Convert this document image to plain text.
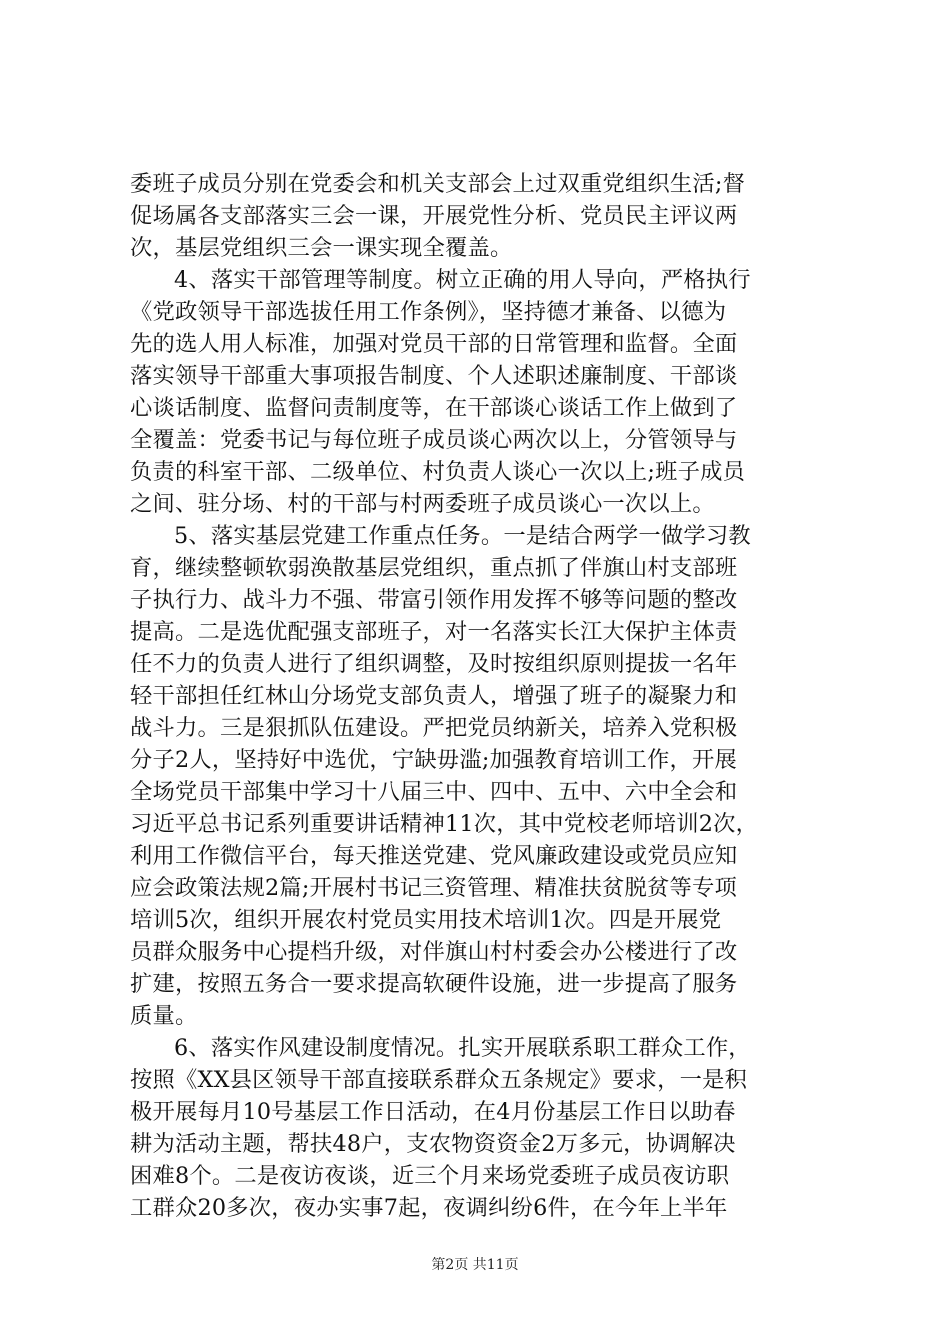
委班子成员分别在党委会和机关支部会上过双重党组织生活;督
促场属各支部落实三会一课，开展党性分析、党员民主评议两
次，基层党组织三会一课实现全覆盖。
4、落实干部管理等制度。树立正确的用人导向，严格执行
《党政领导干部选拔任用工作条例》，坚持德才兼备、以德为
先的选人用人标准，加强对党员干部的日常管理和监督。全面
落实领导干部重大事项报告制度、个人述职述廉制度、干部谈
心谈话制度、监督问责制度等，在干部谈心谈话工作上做到了
全覆盖：党委书记与每位班子成员谈心两次以上，分管领导与
负责的科室干部、二级单位、村负责人谈心一次以上;班子成员
之间、驻分场、村的干部与村两委班子成员谈心一次以上。
5、落实基层党建工作重点任务。一是结合两学一做学习教
育，继续整顿软弱涣散基层党组织，重点抓了伴旗山村支部班
子执行力、战斗力不强、带富引领作用发挥不够等问题的整改
提高。二是选优配强支部班子，对一名落实长江大保护主体责
任不力的负责人进行了组织调整，及时按组织原则提拔一名年
轻干部担任红林山分场党支部负责人，增强了班子的凝聚力和
战斗力。三是狠抓队伍建设。严把党员纳新关，培养入党积极
分子2人，坚持好中选优，宁缺毋滥;加强教育培训工作，开展
全场党员干部集中学习十八届三中、四中、五中、六中全会和
习近平总书记系列重要讲话精神11次，其中党校老师培训2次，
利用工作微信平台，每天推送党建、党风廉政建设或党员应知
应会政策法规2篇;开展村书记三资管理、精准扶贫脱贫等专项
培训5次，组织开展农村党员实用技术培训1次。四是开展党
员群众服务中心提档升级，对伴旗山村村委会办公楼进行了改
扩建，按照五务合一要求提高软硬件设施，进一步提高了服务
质量。
6、落实作风建设制度情况。扎实开展联系职工群众工作，
按照《XX县区领导干部直接联系群众五条规定》要求，一是积
极开展每月10号基层工作日活动，在4月份基层工作日以助春
耕为活动主题，帮扶48户，支农物资资金2万多元，协调解决
困难8个。二是夜访夜谈，近三个月来场党委班子成员夜访职
工群众20多次，夜办实事7起，夜调纠纷6件，在今年上半年
第2页 共11页
